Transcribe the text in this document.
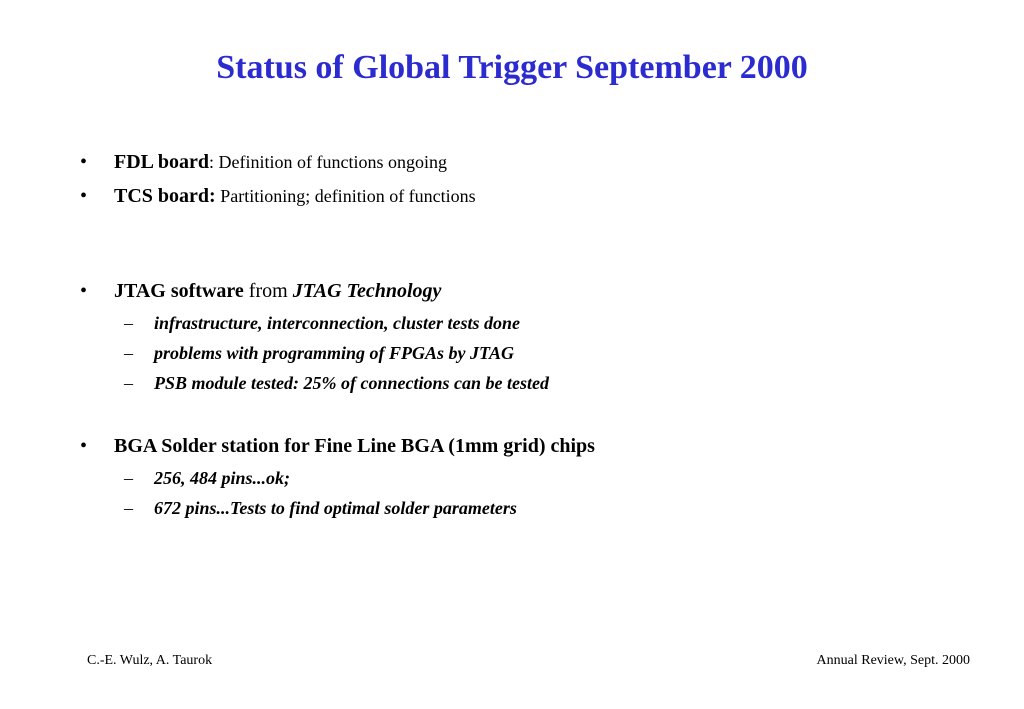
Status of Global Trigger September 2000
• FDL board: Definition of functions ongoing
• TCS board: Partitioning; definition of functions
• JTAG software from JTAG Technology
– infrastructure, interconnection, cluster tests done
– problems with programming of FPGAs by JTAG
– PSB module tested: 25% of connections can be tested
• BGA Solder station for Fine Line BGA (1mm grid) chips
– 256, 484 pins...ok;
– 672 pins...Tests to find optimal solder parameters
C.-E. Wulz, A. Taurok	Annual Review, Sept. 2000
